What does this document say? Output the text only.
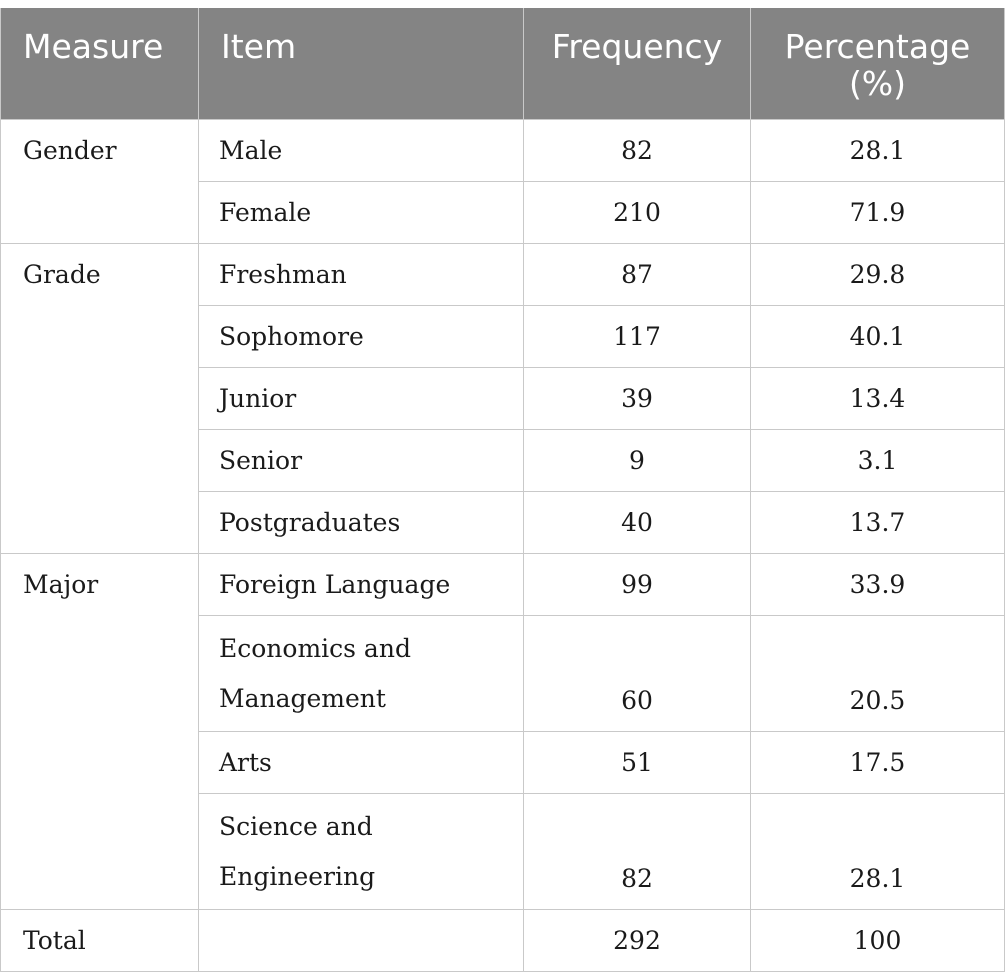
Measure	Item	Frequency	Percentage (%)

Gender	Male	82	28.1
	Female	210	71.9
Grade	Freshman	87	29.8
	Sophomore	117	40.1
	Junior	39	13.4
	Senior	9	3.1
	Postgraduates	40	13.7
Major	Foreign Language	99	33.9
	Economics and Management	60	20.5
	Arts	51	17.5
	Science and Engineering	82	28.1
Total		292	100
